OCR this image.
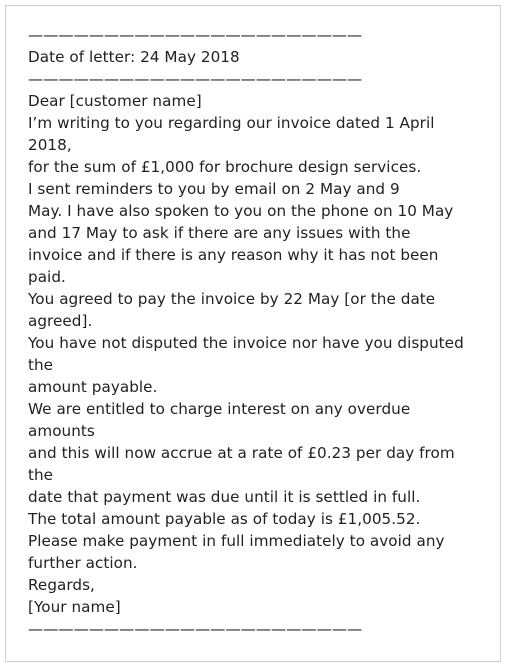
——————————————————————
Date of letter: 24 May 2018
——————————————————————
Dear [customer name]
I’m writing to you regarding our invoice dated 1 April
2018,
for the sum of £1,000 for brochure design services.
I sent reminders to you by email on 2 May and 9
May. I have also spoken to you on the phone on 10 May
and 17 May to ask if there are any issues with the
invoice and if there is any reason why it has not been
paid.
You agreed to pay the invoice by 22 May [or the date
agreed].
You have not disputed the invoice nor have you disputed
the
amount payable.
We are entitled to charge interest on any overdue
amounts
and this will now accrue at a rate of £0.23 per day from
the
date that payment was due until it is settled in full.
The total amount payable as of today is £1,005.52.
Please make payment in full immediately to avoid any
further action.
Regards,
[Your name]
——————————————————————
